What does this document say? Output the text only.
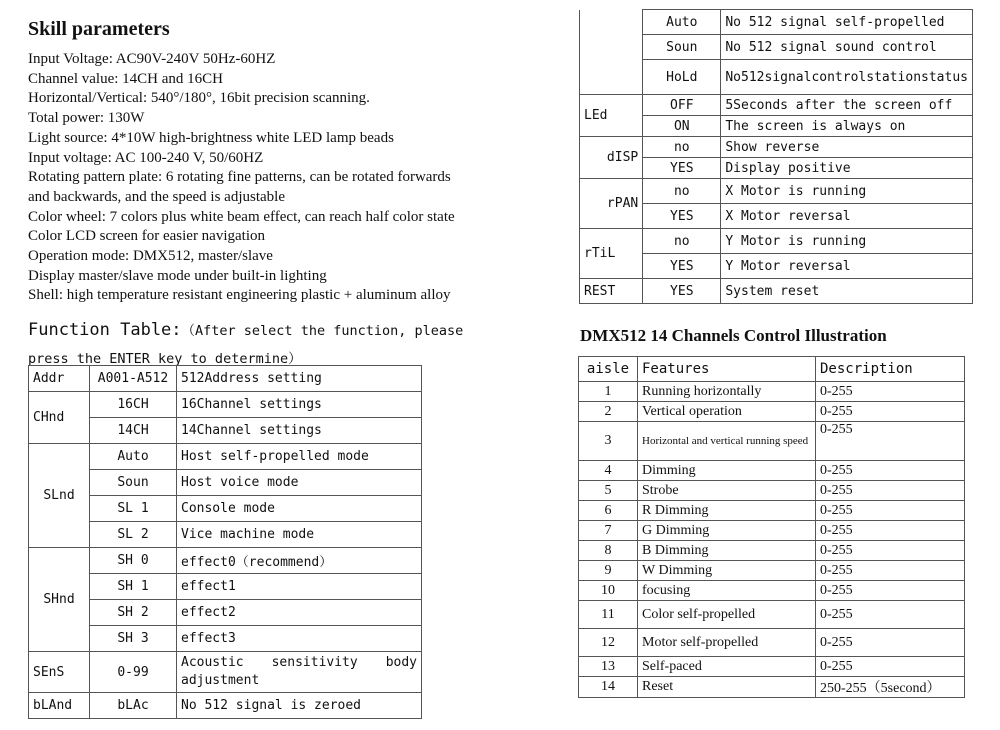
Skill parameters
Input Voltage: AC90V-240V 50Hz-60HZ
Channel value: 14CH and 16CH
Horizontal/Vertical: 540°/180°, 16bit precision scanning.
Total power: 130W
Light source: 4*10W high-brightness white LED lamp beads
Input voltage: AC 100-240 V, 50/60HZ
Rotating pattern plate: 6 rotating fine patterns, can be rotated forwards
and backwards, and the speed is adjustable
Color wheel: 7 colors plus white beam effect, can reach half color state
Color LCD screen for easier navigation
Operation mode: DMX512, master/slave
Display master/slave mode under built-in lighting
Shell: high temperature resistant engineering plastic + aluminum alloy
Function Table:（After select the function, please press the ENTER key to determine）
Addr	A001-A512	512Address setting
CHnd	16CH	16Channel settings
	14CH	14Channel settings
SLnd	Auto	Host self-propelled mode
	Soun	Host voice mode
	SL 1	Console mode
	SL 2	Vice machine mode
SHnd	SH 0	effect0（recommend）
	SH 1	effect1
	SH 2	effect2
	SH 3	effect3
SEnS	0-99	Acoustic sensitivity body
adjustment

bLAnd	bLAc	No 512 signal is zeroed
	Auto	No 512 signal self-propelled
	Soun	No 512 signal sound control
	HoLd	No512signalcontrolstationstatus
LEd	OFF	5Seconds after the screen off
	ON	The screen is always on
dISP	no	Show reverse
	YES	Display positive
rPAN	no	X Motor is running
	YES	X Motor reversal
rTiL	no	Y Motor is running
	YES	Y Motor reversal
REST	YES	System reset
DMX512 14 Channels Control Illustration
aisle	Features	Description
1	Running horizontally	0-255
2	Vertical operation	0-255
3	Horizontal and vertical running speed	0-255
4	Dimming	0-255
5	Strobe	0-255
6	R Dimming	0-255
7	G Dimming	0-255
8	B Dimming	0-255
9	W Dimming	0-255
10	focusing	0-255
11	Color self-propelled	0-255
12	Motor self-propelled	0-255
13	Self-paced	0-255
14	Reset	250-255（5second）
